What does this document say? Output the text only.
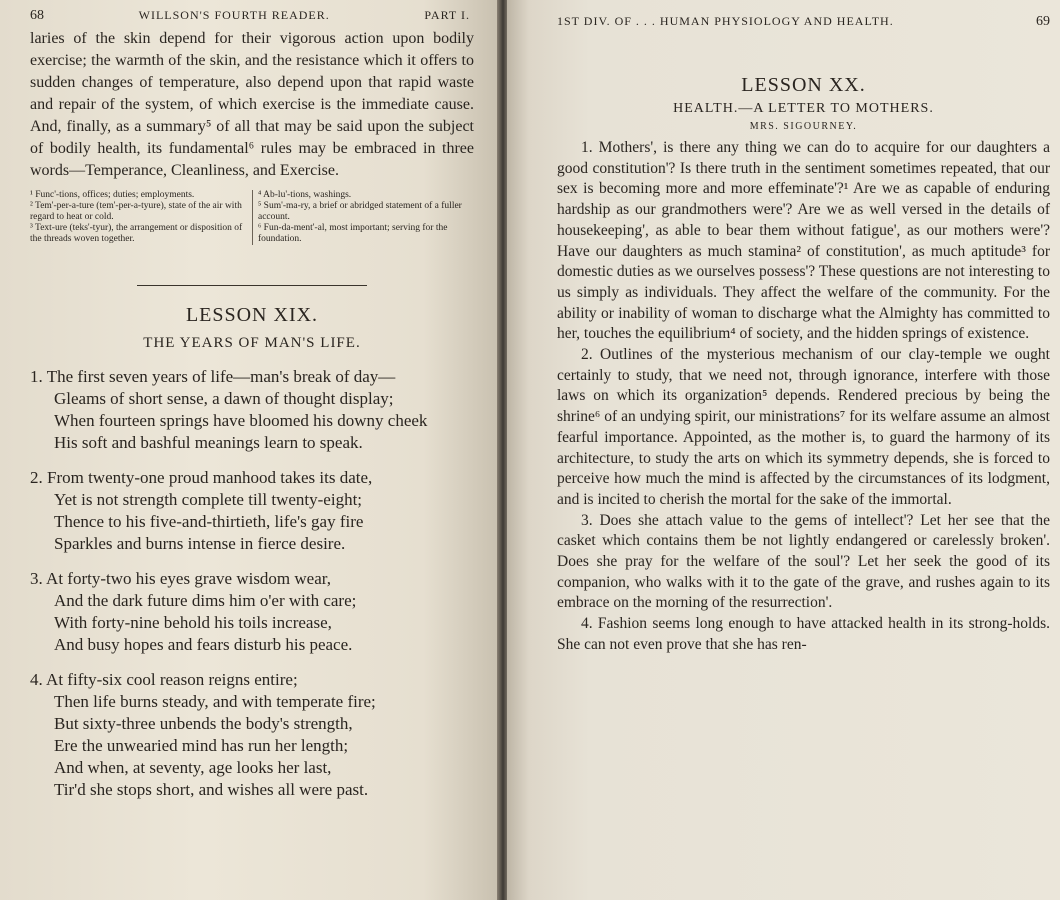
68	WILLSON'S FOURTH READER.	PART I.

laries of the skin depend for their vigorous action upon bodily exercise; the warmth of the skin, and the resistance which it offers to sudden changes of temperature, also depend upon that rapid waste and repair of the system, of which exercise is the immediate cause. And, finally, as a summary⁵ of all that may be said upon the subject of bodily health, its fundamental⁶ rules may be embraced in three words—Temperance, Cleanliness, and Exercise.

¹ Func'-tions, offices; duties; employments.

² Tem'-per-a-ture (tem'-per-a-tyure), state of the air with regard to heat or cold.

³ Text-ure (teks'-tyur), the arrangement or disposition of the threads woven together.

⁴ Ab-lu'-tions, washings.

⁵ Sum'-ma-ry, a brief or abridged statement of a fuller account.

⁶ Fun-da-ment'-al, most important; serving for the foundation.

LESSON XIX.
THE YEARS OF MAN'S LIFE.
1. The first seven years of life—man's break of day—
Gleams of short sense, a dawn of thought display;
When fourteen springs have bloomed his downy cheek
His soft and bashful meanings learn to speak.
2. From twenty-one proud manhood takes its date,
Yet is not strength complete till twenty-eight;
Thence to his five-and-thirtieth, life's gay fire
Sparkles and burns intense in fierce desire.
3. At forty-two his eyes grave wisdom wear,
And the dark future dims him o'er with care;
With forty-nine behold his toils increase,
And busy hopes and fears disturb his peace.
4. At fifty-six cool reason reigns entire;
Then life burns steady, and with temperate fire;
But sixty-three unbends the body's strength,
Ere the unwearied mind has run her length;
And when, at seventy, age looks her last,
Tir'd she stops short, and wishes all were past.
1ST DIV. OF . . . HUMAN PHYSIOLOGY AND HEALTH.	69
LESSON XX.
HEALTH.—A LETTER TO MOTHERS.
MRS. SIGOURNEY.

1. Mothers', is there any thing we can do to acquire for our daughters a good constitution'? Is there truth in the sentiment sometimes repeated, that our sex is becoming more and more effeminate'?¹ Are we as capable of enduring hardship as our grandmothers were'? Are we as well versed in the details of housekeeping', as able to bear them without fatigue', as our mothers were'? Have our daughters as much stamina² of constitution', as much aptitude³ for domestic duties as we ourselves possess'? These questions are not interesting to us simply as individuals. They affect the welfare of the community. For the ability or inability of woman to discharge what the Almighty has committed to her, touches the equilibrium⁴ of society, and the hidden springs of existence.

2. Outlines of the mysterious mechanism of our clay-temple we ought certainly to study, that we need not, through ignorance, interfere with those laws on which its organization⁵ depends. Rendered precious by being the shrine⁶ of an undying spirit, our ministrations⁷ for its welfare assume an almost fearful importance. Appointed, as the mother is, to guard the harmony of its architecture, to study the arts on which its symmetry depends, she is forced to perceive how much the mind is affected by the circumstances of its lodgment, and is incited to cherish the mortal for the sake of the immortal.

3. Does she attach value to the gems of intellect'? Let her see that the casket which contains them be not lightly endangered or carelessly broken'. Does she pray for the welfare of the soul'? Let her seek the good of its companion, who walks with it to the gate of the grave, and rushes again to its embrace on the morning of the resurrection'.

4. Fashion seems long enough to have attacked health in its strong-holds. She can not even prove that she has ren-
